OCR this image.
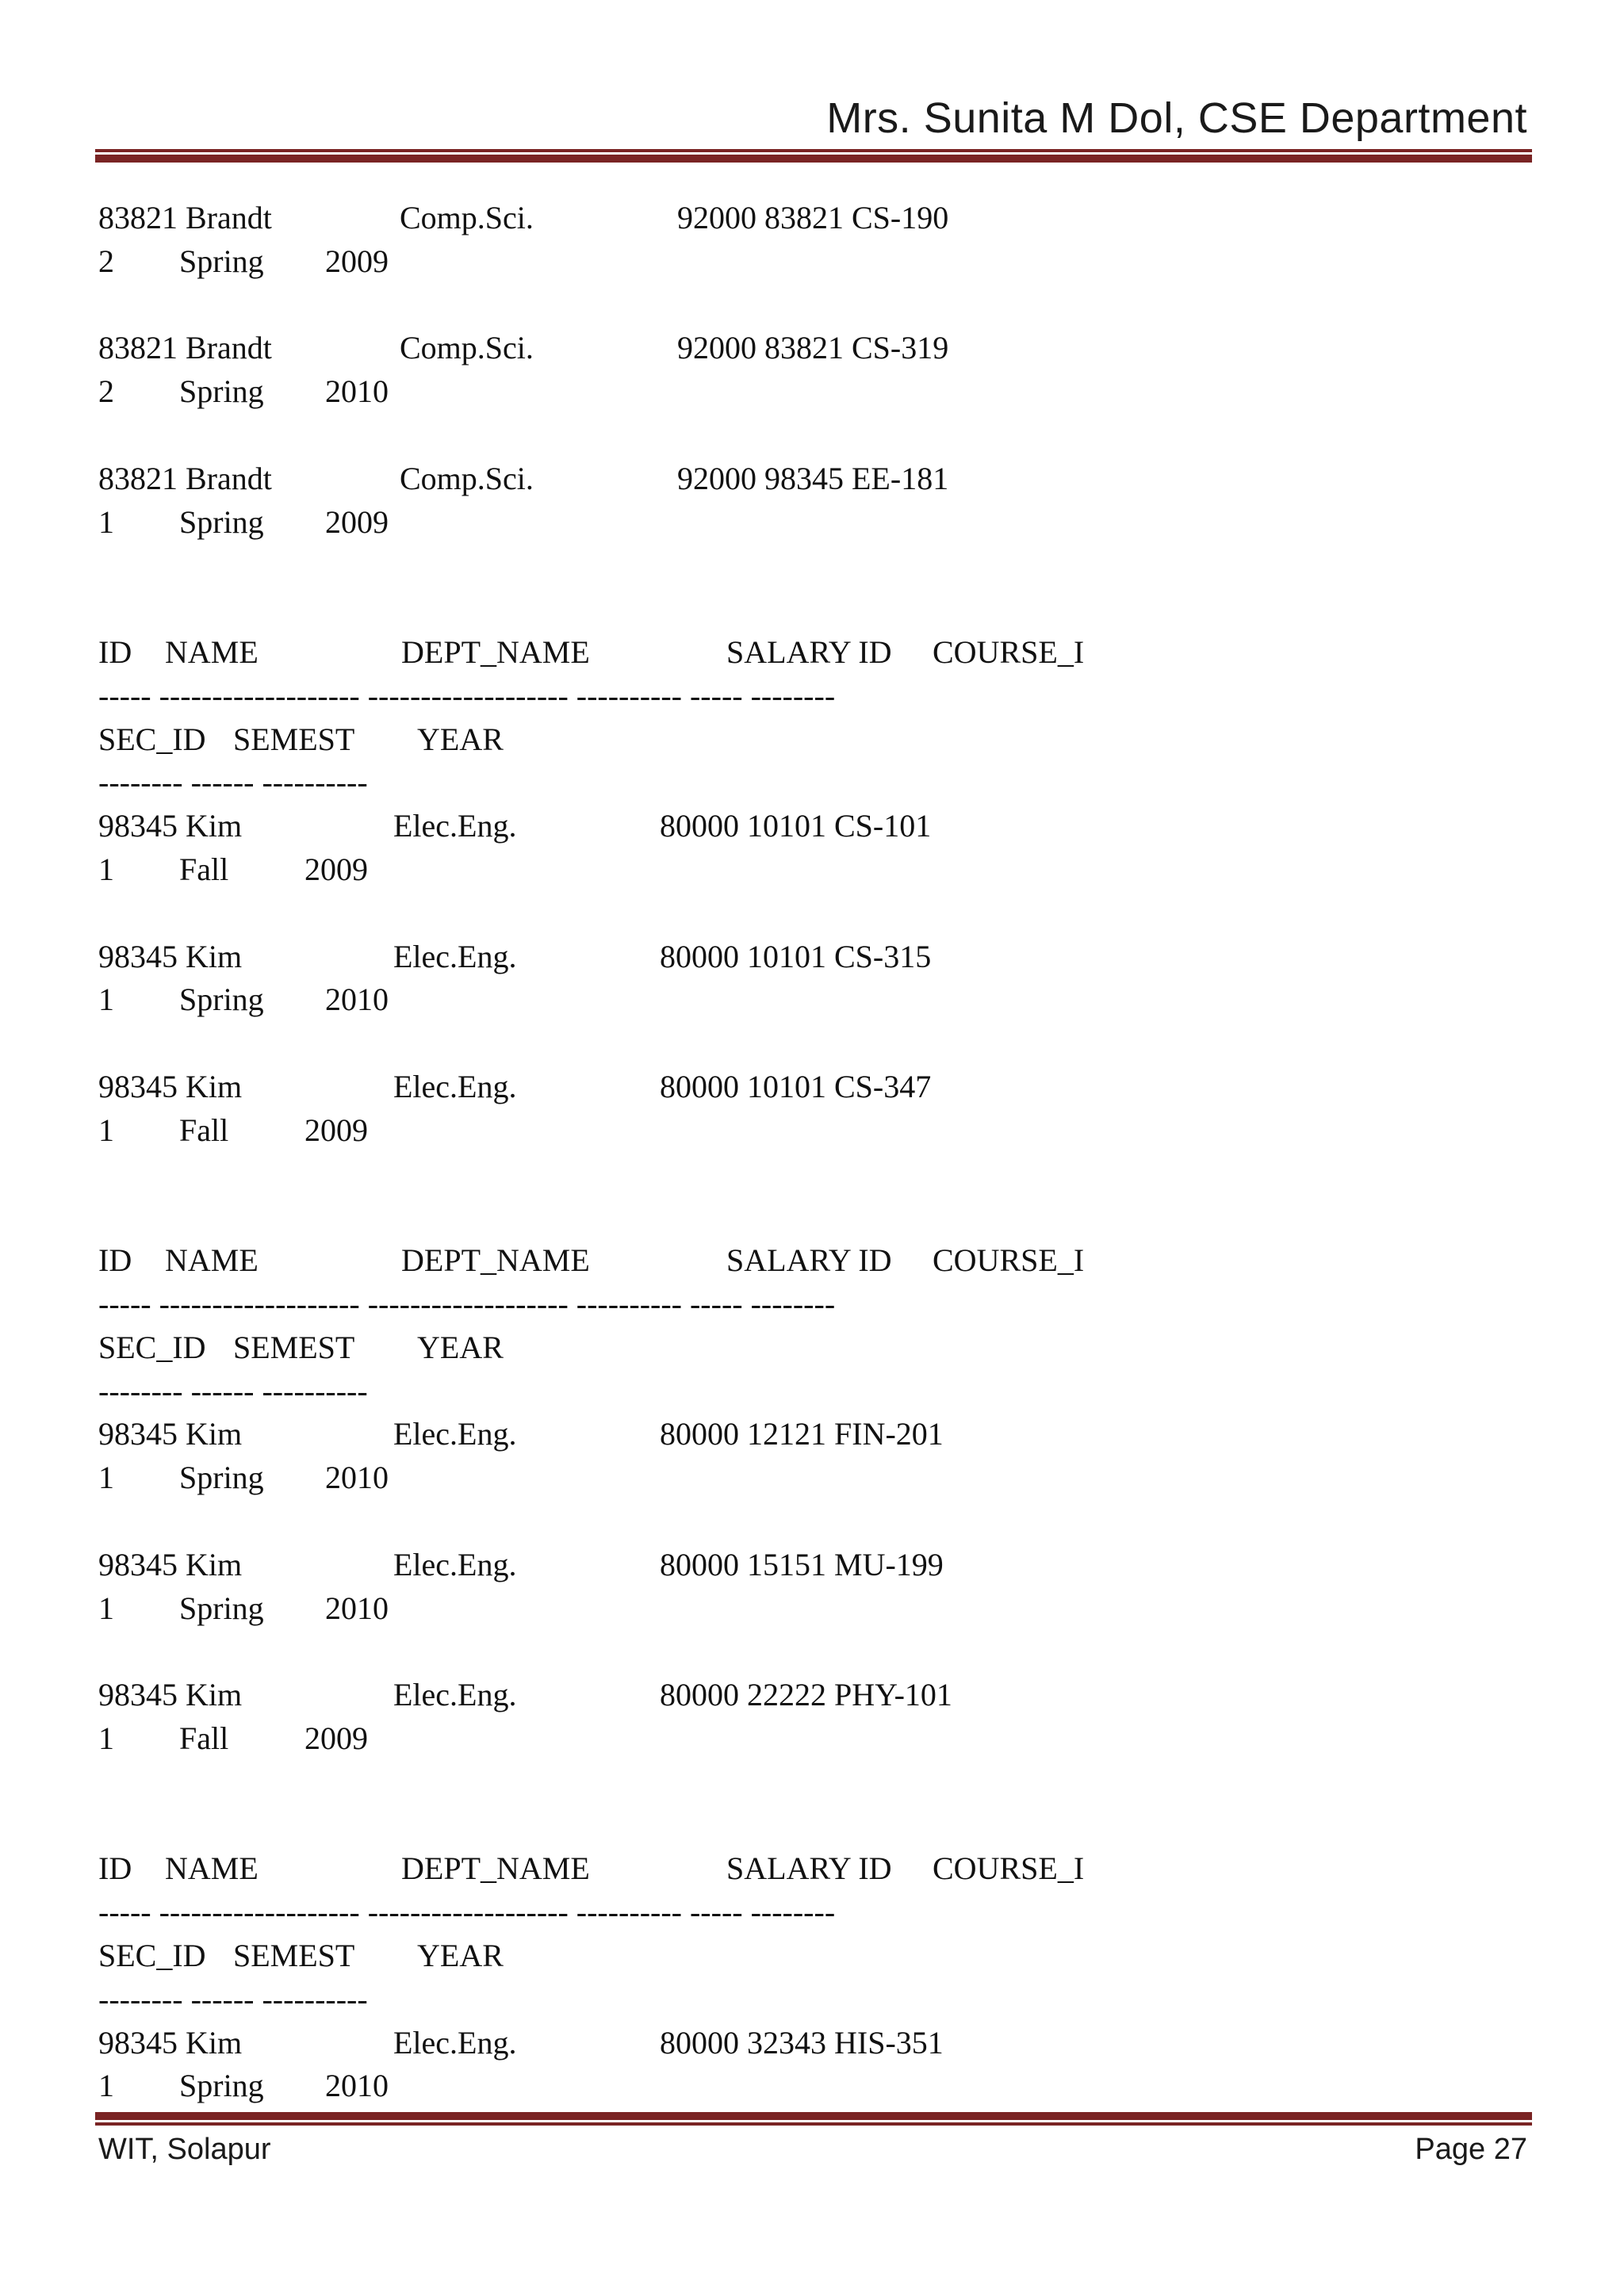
Mrs. Sunita M Dol, CSE Department
83821 Brandt	Comp.Sci.	92000 83821 CS-190
2 Spring 2009
83821 Brandt	Comp.Sci.	92000 83821 CS-319
2 Spring 2010
83821 Brandt	Comp.Sci.	92000 98345 EE-181
1 Spring 2009
ID NAME	DEPT_NAME	SALARY ID COURSE_I
----- ------------------- ------------------- ---------- ----- --------
SEC_ID SEMEST YEAR
-------- ------ ----------
98345 Kim	Elec.Eng.	80000 10101 CS-101
1 Fall 2009
98345 Kim	Elec.Eng.	80000 10101 CS-315
1 Spring 2010
98345 Kim	Elec.Eng.	80000 10101 CS-347
1 Fall 2009
ID NAME	DEPT_NAME	SALARY ID COURSE_I
----- ------------------- ------------------- ---------- ----- --------
SEC_ID SEMEST YEAR
-------- ------ ----------
98345 Kim	Elec.Eng.	80000 12121 FIN-201
1 Spring 2010
98345 Kim	Elec.Eng.	80000 15151 MU-199
1 Spring 2010
98345 Kim	Elec.Eng.	80000 22222 PHY-101
1 Fall 2009
ID NAME	DEPT_NAME	SALARY ID COURSE_I
----- ------------------- ------------------- ---------- ----- --------
SEC_ID SEMEST YEAR
-------- ------ ----------
98345 Kim	Elec.Eng.	80000 32343 HIS-351
1 Spring 2010
WIT, Solapur	Page 27
